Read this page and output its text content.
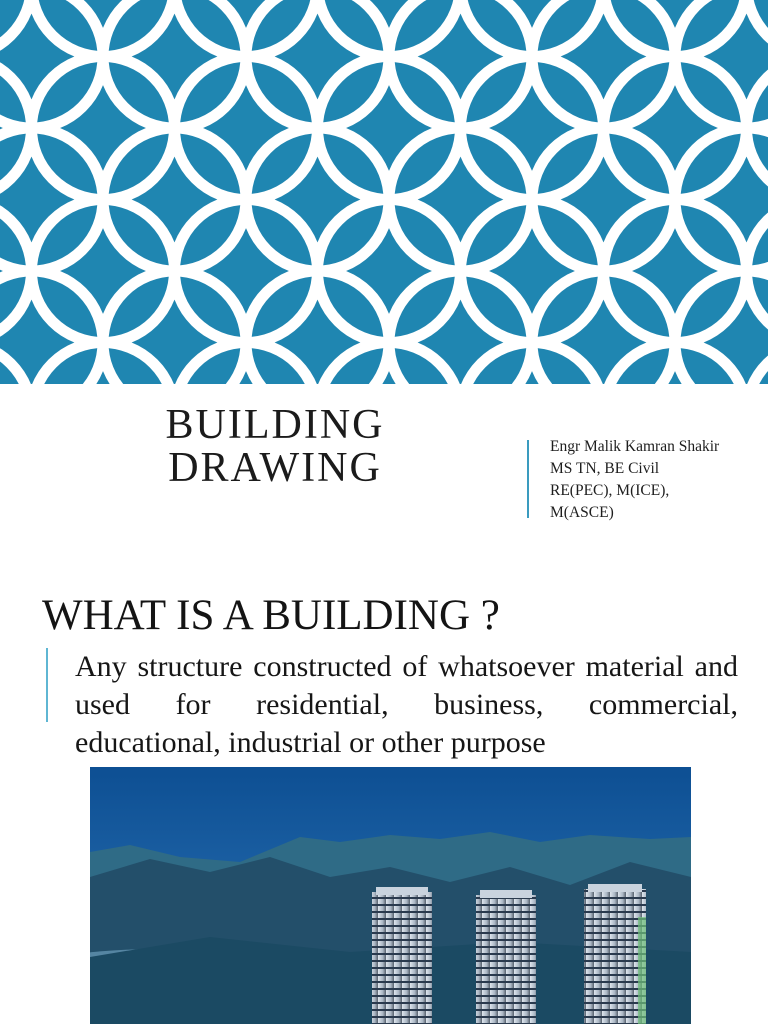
BUILDING
DRAWING	Engr Malik Kamran Shakir
MS TN, BE Civil
RE(PEC), M(ICE),
M(ASCE)
WHAT IS A BUILDING ?
Any structure constructed of whatsoever material and used for residential, business, commercial, educational, industrial or other purpose
